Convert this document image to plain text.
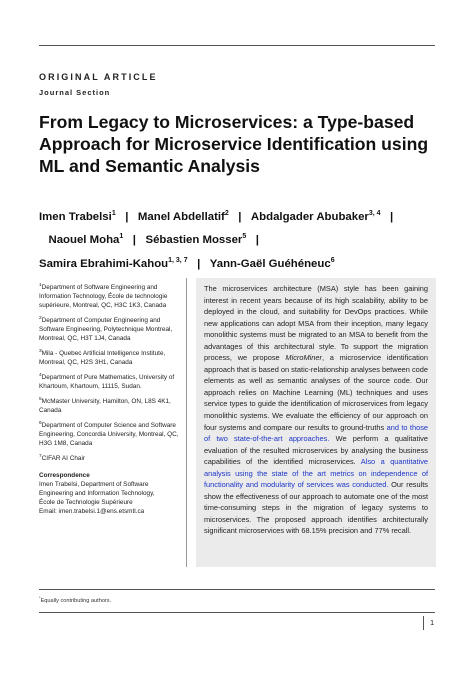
ORIGINAL ARTICLE
Journal Section
From Legacy to Microservices: a Type-based Approach for Microservice Identification using ML and Semantic Analysis
Imen Trabelsi$^1$   |   Manel Abdellatif$^2$   |   Abdalgader Abubaker$^{3, 4}$   |   Naouel Moha$^1$   |   Sébastien Mosser$^5$   |
Samira Ebrahimi-Kahou$^{1, 3, 7}$   |   Yann-Gaël Guéhéneuc$^6$

$^1$Department of Software Engineering and Information Technology, École de technologie supérieure, Montreal, QC, H3C 1K3, Canada

$^2$Department of Computer Engineering and Software Engineering, Polytechnique Montreal, Montreal, QC, H3T 1J4, Canada

$^3$Mila - Quebec Artificial Intelligence Institute, Montreal, QC, H2S 3H1, Canada

$^4$Department of Pure Mathematics, University of Khartoum, Khartoum, 11115, Sudan.

$^5$McMaster University, Hamilton, ON, L8S 4K1, Canada

$^6$Department of Computer Science and Software Engineering, Concordia University, Montreal, QC, H3G 1M8, Canada

$^7$CIFAR AI Chair

Correspondence

Imen Trabelsi, Department of Software Engineering and Information Technology,
École de Technologie Supérieure
Email: imen.trabelsi.1@ens.etsmtl.ca

The microservices architecture (MSA) style has been gaining interest in recent years because of its high scalability, ability to be deployed in the cloud, and suitability for DevOps practices. While new applications can adopt MSA from their inception, many legacy monolithic systems must be migrated to an MSA to benefit from the advantages of this architectural style. To support the migration process, we propose MicroMiner, a microservice identification approach that is based on static-relationship analyses between code elements as well as semantic analyses of the source code. Our approach relies on Machine Learning (ML) techniques and uses service types to guide the identification of microservices from legacy monolithic systems. We evaluate the efficiency of our approach on four systems and compare our results to ground-truths and to those of two state-of-the-art approaches. We perform a qualitative evaluation of the resulted microservices by analysing the business capabilities of the identified microservices. Also a quantitative analysis using the state of the art metrics on independence of functionality and modularity of services was conducted. Our results show the effectiveness of our approach to automate one of the most time-consuming steps in the migration of legacy systems to microservices. The proposed approach identifies architecturally significant microservices with 68.15% precision and 77% recall.
*Equally contributing authors.
1
